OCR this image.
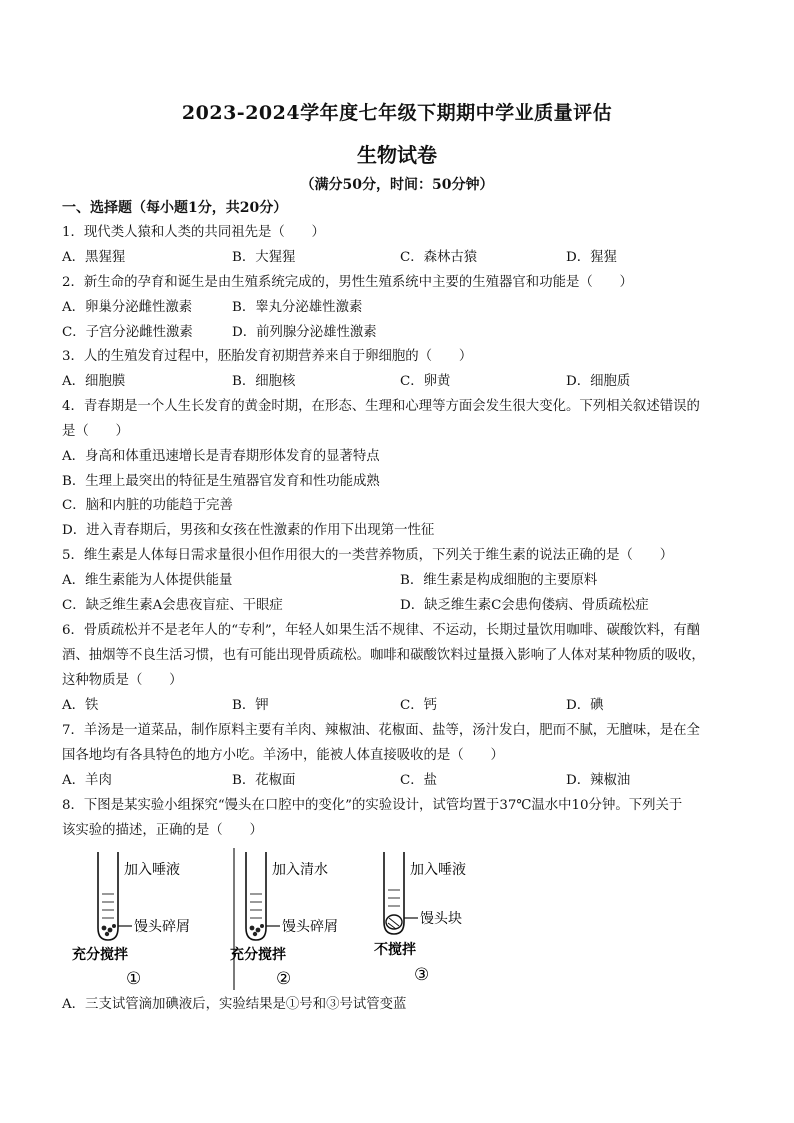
2023-2024学年度七年级下期期中学业质量评估
生物试卷
（满分50分，时间：50分钟）
一、选择题（每小题1分，共20分）
1．现代类人猿和人类的共同祖先是（　　）
A．黑猩猩	B．大猩猩	C．森林古猿	D．猩猩
2．新生命的孕育和诞生是由生殖系统完成的，男性生殖系统中主要的生殖器官和功能是（　　）
A．卵巢分泌雌性激素	B．睾丸分泌雄性激素
C．子宫分泌雌性激素	D．前列腺分泌雄性激素
3．人的生殖发育过程中，胚胎发育初期营养来自于卵细胞的（　　）
A．细胞膜	B．细胞核	C．卵黄	D．细胞质
4．青春期是一个人生长发育的黄金时期，在形态、生理和心理等方面会发生很大变化。下列相关叙述错误的
是（　　）
A．身高和体重迅速增长是青春期形体发育的显著特点
B．生理上最突出的特征是生殖器官发育和性功能成熟
C．脑和内脏的功能趋于完善
D．进入青春期后，男孩和女孩在性激素的作用下出现第一性征
5．维生素是人体每日需求量很小但作用很大的一类营养物质，下列关于维生素的说法正确的是（　　）
A．维生素能为人体提供能量	B．维生素是构成细胞的主要原料
C．缺乏维生素A会患夜盲症、干眼症	D．缺乏维生素C会患佝偻病、骨质疏松症
6．骨质疏松并不是老年人的“专利”，年轻人如果生活不规律、不运动，长期过量饮用咖啡、碳酸饮料，有酗
酒、抽烟等不良生活习惯，也有可能出现骨质疏松。咖啡和碳酸饮料过量摄入影响了人体对某种物质的吸收，
这种物质是（　　）
A．铁	B．钾	C．钙	D．碘
7．羊汤是一道菜品，制作原料主要有羊肉、辣椒油、花椒面、盐等，汤汁发白，肥而不腻，无膻味，是在全
国各地均有各具特色的地方小吃。羊汤中，能被人体直接吸收的是（　　）
A．羊肉	B．花椒面	C．盐	D．辣椒油
8．下图是某实验小组探究“馒头在口腔中的变化”的实验设计，试管均置于37℃温水中10分钟。下列关于
该实验的描述，正确的是（　　）
加入唾液
馒头碎屑
充分搅拌
①
加入清水
馒头碎屑
充分搅拌
②
加入唾液
馒头块
不搅拌
③
A．三支试管滴加碘液后，实验结果是①号和③号试管变蓝
